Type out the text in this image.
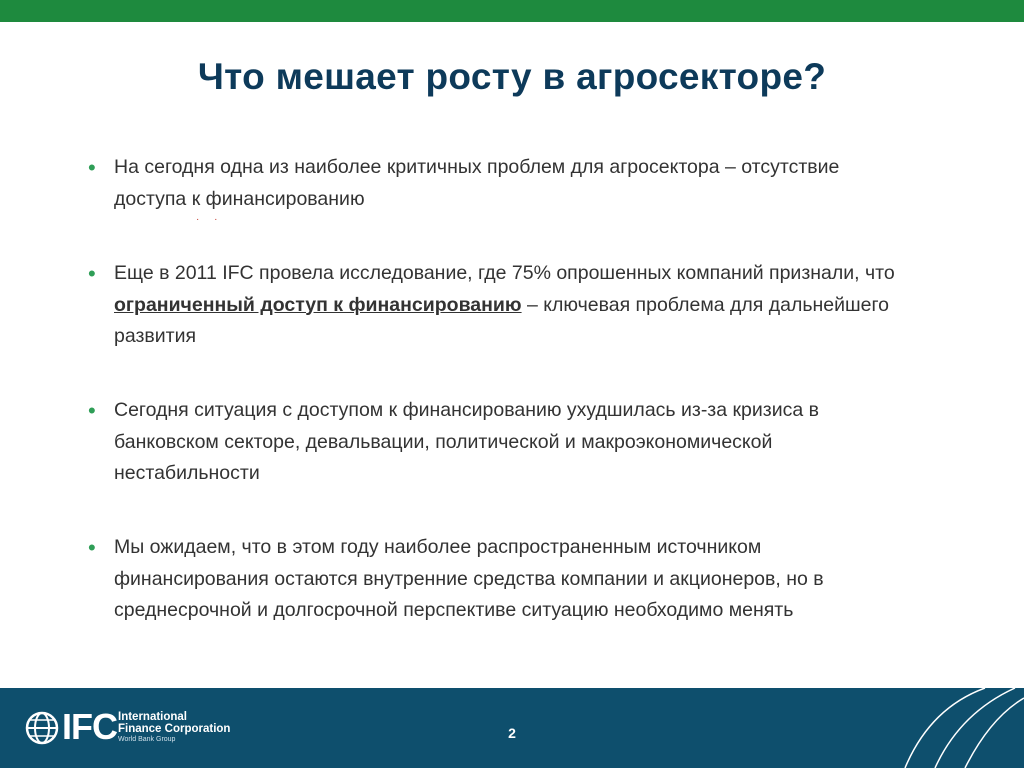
Что мешает росту в агросекторе?
• На сегодня одна из наиболее критичных проблем для агросектора – отсутствие доступа к финансированию
• Еще в 2011 IFC провела исследование, где 75% опрошенных компаний признали, что ограниченный доступ к финансированию – ключевая проблема для дальнейшего развития
• Сегодня ситуация с доступом к финансированию ухудшилась из-за кризиса в банковском секторе, девальвации, политической и макроэкономической нестабильности
• Мы ожидаем, что в этом году наиболее распространенным источником финансирования остаются внутренние средства компании и акционеров, но в среднесрочной и долгосрочной перспективе ситуацию необходимо менять
· ·
IFC International
Finance Corporation
World Bank Group	2
